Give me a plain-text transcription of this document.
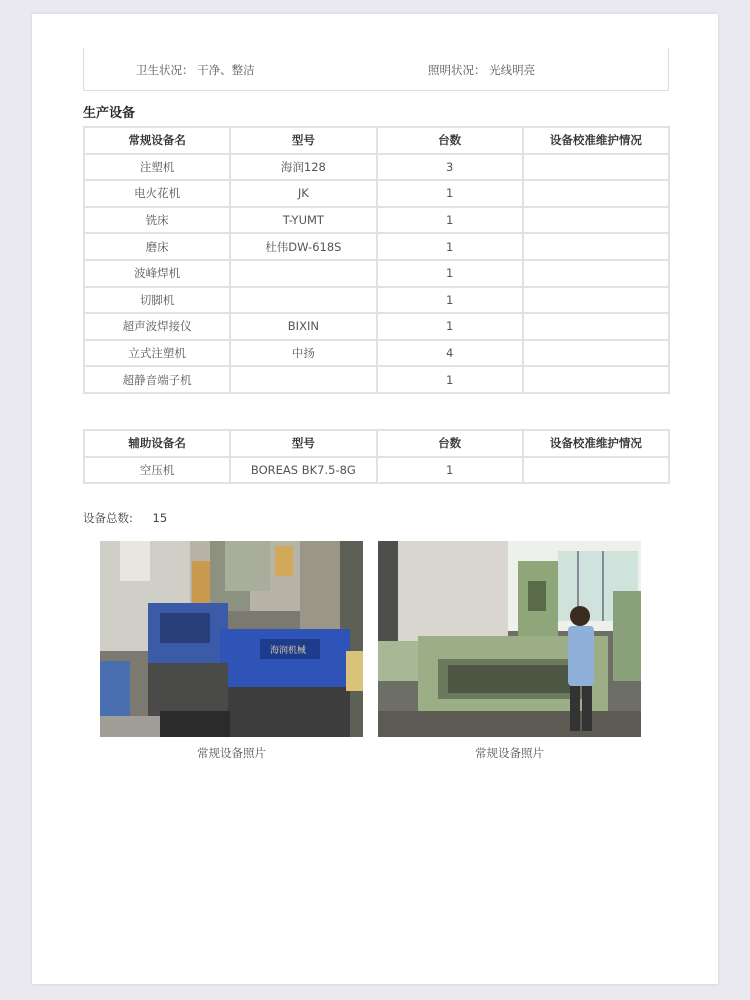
卫生状况： 干净、整洁	照明状况： 光线明亮
生产设备
常规设备名	型号	台数	设备校准维护情况
注塑机	海润128	3	
电火花机	JK	1	
铣床	T-YUMT	1	
磨床	杜伟DW-618S	1	
波峰焊机		1	
切脚机		1	
超声波焊接仪	BIXIN	1	
立式注塑机	中扬	4	
超静音端子机		1	
辅助设备名	型号	台数	设备校准维护情况
空压机	BOREAS BK7.5-8G	1	
设备总数: 15
海润机械
常规设备照片	常规设备照片
